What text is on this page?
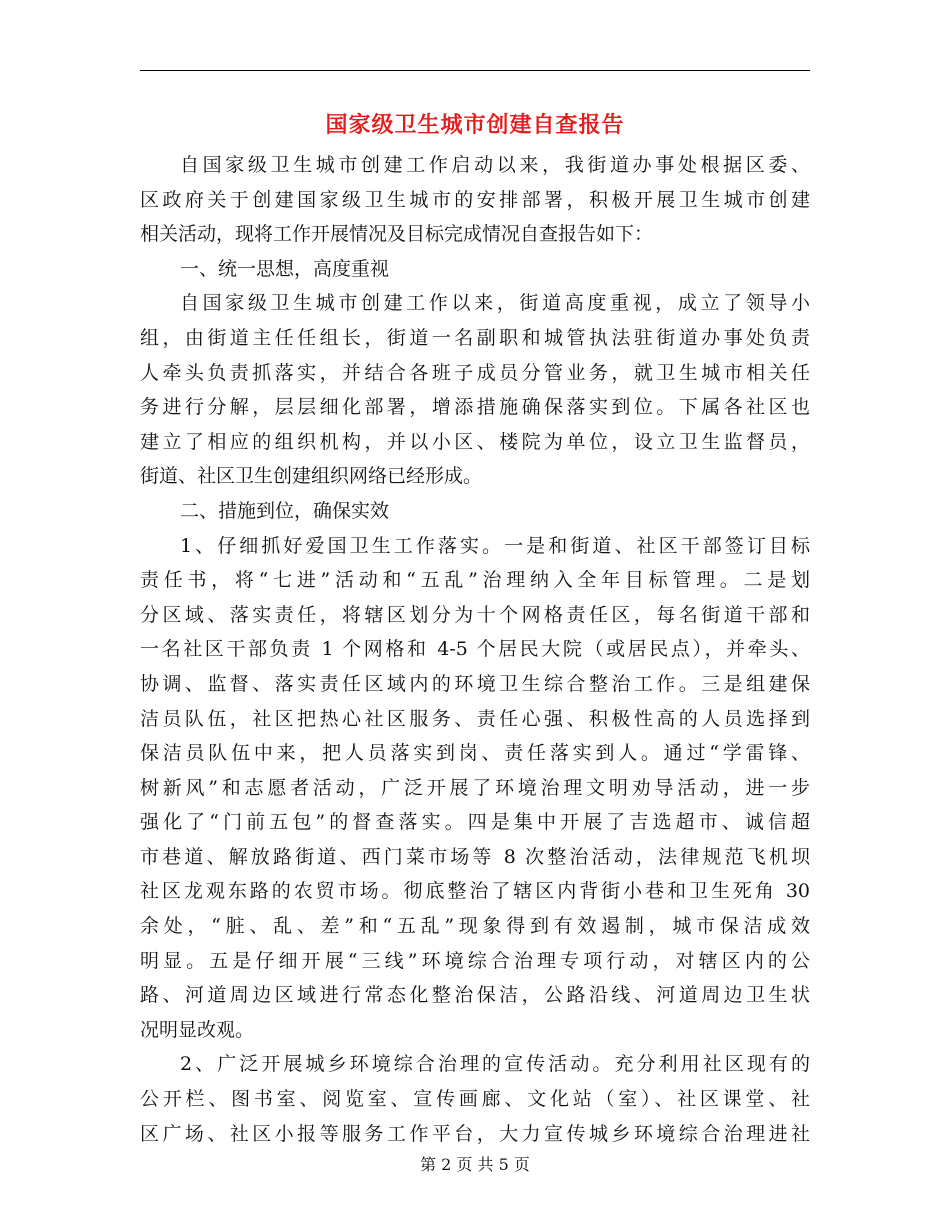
国家级卫生城市创建自查报告
自国家级卫生城市创建工作启动以来，我街道办事处根据区委、
区政府关于创建国家级卫生城市的安排部署，积极开展卫生城市创建
相关活动，现将工作开展情况及目标完成情况自查报告如下：
一、统一思想，高度重视
自国家级卫生城市创建工作以来，街道高度重视，成立了领导小
组，由街道主任任组长，街道一名副职和城管执法驻街道办事处负责
人牵头负责抓落实，并结合各班子成员分管业务，就卫生城市相关任
务进行分解，层层细化部署，增添措施确保落实到位。下属各社区也
建立了相应的组织机构，并以小区、楼院为单位，设立卫生监督员，
街道、社区卫生创建组织网络已经形成。
二、措施到位，确保实效
1、仔细抓好爱国卫生工作落实。一是和街道、社区干部签订目标
责任书，将“七进”活动和“五乱”治理纳入全年目标管理。二是划
分区域、落实责任，将辖区划分为十个网格责任区，每名街道干部和
一名社区干部负责 1 个网格和 4-5 个居民大院（或居民点），并牵头、
协调、监督、落实责任区域内的环境卫生综合整治工作。三是组建保
洁员队伍，社区把热心社区服务、责任心强、积极性高的人员选择到
保洁员队伍中来，把人员落实到岗、责任落实到人。通过“学雷锋、
树新风”和志愿者活动，广泛开展了环境治理文明劝导活动，进一步
强化了“门前五包”的督查落实。四是集中开展了吉选超市、诚信超
市巷道、解放路街道、西门菜市场等 8 次整治活动，法律规范飞机坝
社区龙观东路的农贸市场。彻底整治了辖区内背街小巷和卫生死角 30
余处，“脏、乱、差”和“五乱”现象得到有效遏制，城市保洁成效
明显。五是仔细开展“三线”环境综合治理专项行动，对辖区内的公
路、河道周边区域进行常态化整治保洁，公路沿线、河道周边卫生状
况明显改观。
2、广泛开展城乡环境综合治理的宣传活动。充分利用社区现有的
公开栏、图书室、阅览室、宣传画廊、文化站（室）、社区课堂、社
区广场、社区小报等服务工作平台，大力宣传城乡环境综合治理进社
第 2 页 共 5 页
